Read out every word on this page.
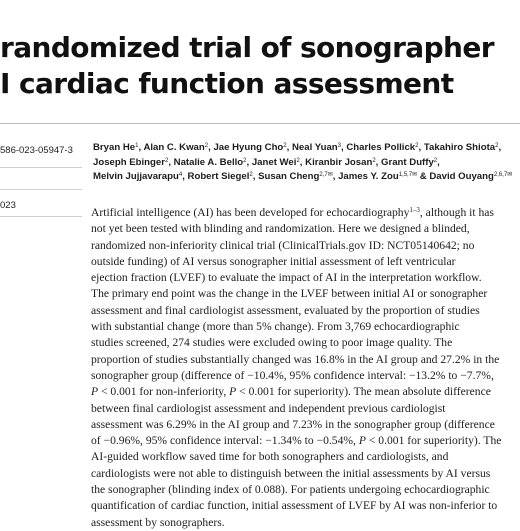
randomized trial of sonographer
I cardiac function assessment
586-023-05947-3
023
Bryan He$^1$, Alan C. Kwan$^2$, Jae Hyung Cho$^2$, Neal Yuan$^3$, Charles Pollick$^2$, Takahiro Shiota$^2$,
Joseph Ebinger$^2$, Natalie A. Bello$^2$, Janet Wei$^2$, Kiranbir Josan$^2$, Grant Duffy$^2$,
Melvin Jujjavarapu$^4$, Robert Siegel$^2$, Susan Cheng$^{2,7✉}$, James Y. Zou$^{1,5,7✉}$ & David Ouyang$^{2,6,7✉}$
Artificial intelligence (AI) has been developed for echocardiography$^{1-3}$, although it has
not yet been tested with blinding and randomization. Here we designed a blinded,
randomized non-inferiority clinical trial (ClinicalTrials.gov ID: NCT05140642; no
outside funding) of AI versus sonographer initial assessment of left ventricular
ejection fraction (LVEF) to evaluate the impact of AI in the interpretation workflow.
The primary end point was the change in the LVEF between initial AI or sonographer
assessment and final cardiologist assessment, evaluated by the proportion of studies
with substantial change (more than 5% change). From 3,769 echocardiographic
studies screened, 274 studies were excluded owing to poor image quality. The
proportion of studies substantially changed was 16.8% in the AI group and 27.2% in the
sonographer group (difference of −10.4%, 95% confidence interval: −13.2% to −7.7%,
P < 0.001 for non-inferiority, P < 0.001 for superiority). The mean absolute difference
between final cardiologist assessment and independent previous cardiologist
assessment was 6.29% in the AI group and 7.23% in the sonographer group (difference
of −0.96%, 95% confidence interval: −1.34% to −0.54%, P < 0.001 for superiority). The
AI-guided workflow saved time for both sonographers and cardiologists, and
cardiologists were not able to distinguish between the initial assessments by AI versus
the sonographer (blinding index of 0.088). For patients undergoing echocardiographic
quantification of cardiac function, initial assessment of LVEF by AI was non-inferior to
assessment by sonographers.
